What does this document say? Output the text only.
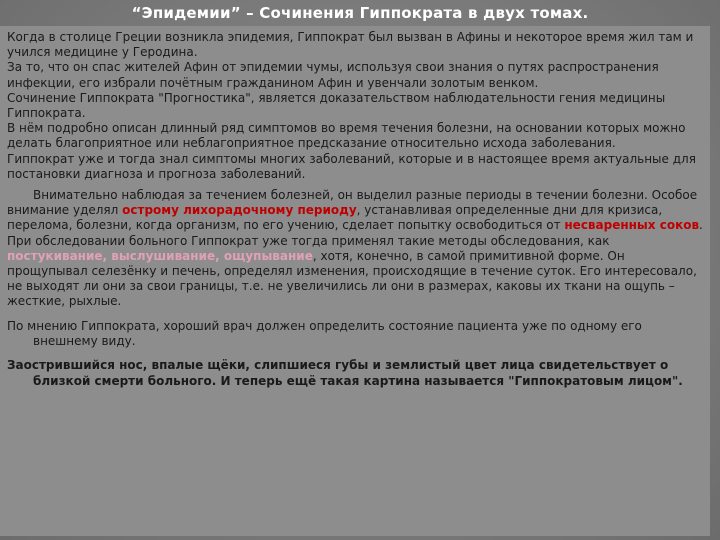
“Эпидемии” – Сочинения Гиппократа в двух томах.

Когда в столице Греции возникла эпидемия, Гиппократ был вызван в Афины и некоторое время жил там и учился медицине у Геродина.

За то, что он спас жителей Афин от эпидемии чумы, используя свои знания о путях распространения инфекции, его избрали почётным гражданином Афин и увенчали золотым венком.

Сочинение Гиппократа "Прогностика", является доказательством наблюдательности гения медицины Гиппократа.

В нём подробно описан длинный ряд симптомов во время течения болезни, на основании которых можно делать благоприятное или неблагоприятное предсказание относительно исхода заболевания.

Гиппократ уже и тогда знал симптомы многих заболеваний, которые и в настоящее время актуальные для постановки диагноза и прогноза заболеваний.

Внимательно наблюдая за течением болезней, он выделил разные периоды в течении болезни. Особое внимание уделял острому лихорадочному периоду, устанавливая определенные дни для кризиса, перелома, болезни, когда организм, по его учению, сделает попытку освободиться от несваренных соков.

При обследовании больного Гиппократ уже тогда применял такие методы обследования, как постукивание, выслушивание, ощупывание, хотя, конечно, в самой примитивной форме. Он прощупывал селезёнку и печень, определял изменения, происходящие в течение суток. Его интересовало, не выходят ли они за свои границы, т.е. не увеличились ли они в размерах, каковы их ткани на ощупь – жесткие, рыхлые.

По мнению Гиппократа, хороший врач должен определить состояние пациента уже по одному его внешнему виду.

Заострившийся нос, впалые щёки, слипшиеся губы и землистый цвет лица свидетельствует о близкой смерти больного. И теперь ещё такая картина называется "Гиппократовым лицом".
